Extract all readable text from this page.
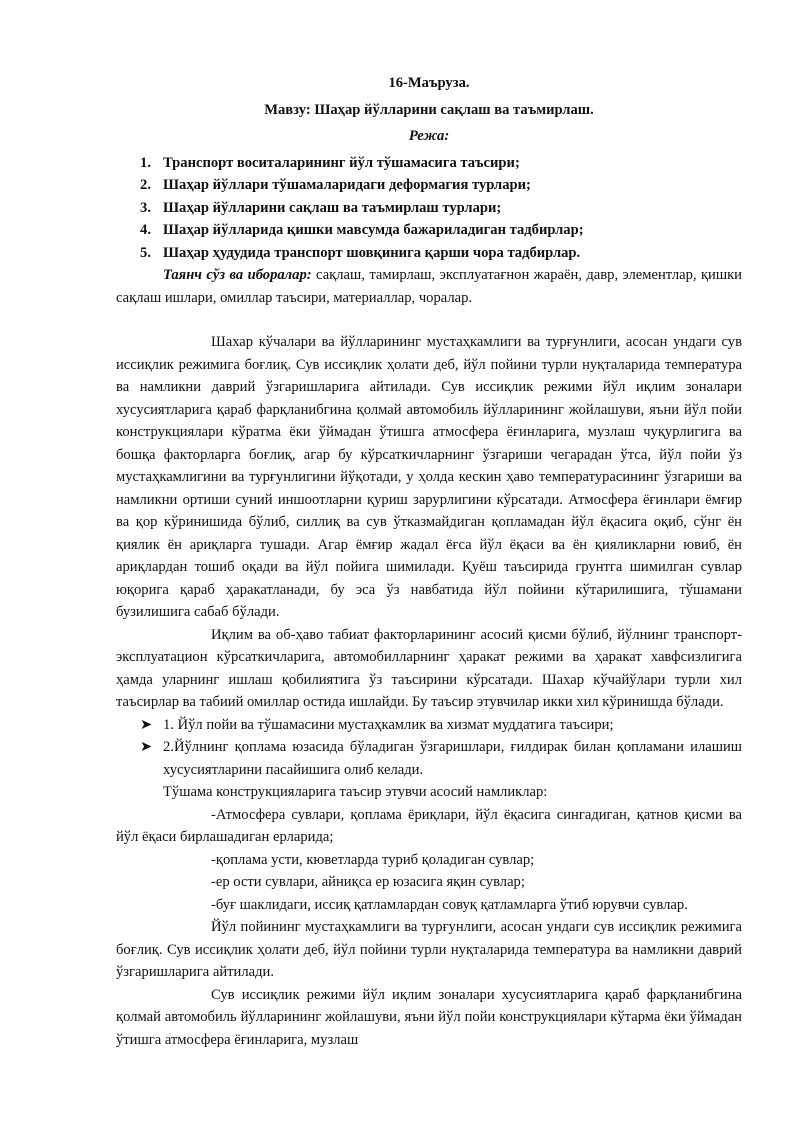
16-Маъруза.
Мавзу: Шаҳар йўлларини сақлаш ва таъмирлаш.
Режа:
1. Транспорт воситаларининг йўл тўшамасига таъсири;
2. Шаҳар йўллари тўшамаларидаги деформагия турлари;
3. Шаҳар йўлларини сақлаш ва таъмирлаш турлари;
4. Шаҳар йўлларида қишки мавсумда бажариладиган тадбирлар;
5. Шаҳар ҳудудида транспорт шовқинига қарши чора тадбирлар.

Таянч сўз ва иборалар: сақлаш, тамирлаш, эксплуатағнон жараён, давр, элементлар, қишки сақлаш ишлари, омиллар таъсири, материаллар, чоралар.

Шахар кўчалари ва йўлларининг мустаҳкамлиги ва турғунлиги, асосан ундаги сув иссиқлик режимига боғлиқ. Сув иссиқлик ҳолати деб, йўл пойини турли нуқталарида температура ва намликни даврий ўзгаришларига айтилади. Сув иссиқлик режими йўл иқлим зоналари хусусиятларига қараб фарқланибгина қолмай автомобиль йўлларининг жойлашуви, яъни йўл пойи конструкциялари кўратма ёки ўймадан ўтишга атмосфера ёғинларига, музлаш чуқурлигига ва бошқа факторларга боғлиқ, агар бу кўрсаткичларнинг ўзгариши чегарадан ўтса, йўл пойи ўз мустаҳкамлигини ва турғунлигини йўқотади, у ҳолда кескин ҳаво температурасининг ўзгариши ва намликни ортиши суний иншоотларни қуриш зарурлигини кўрсатади. Атмосфера ёғинлари ёмғир ва қор кўринишида бўлиб, силлиқ ва сув ўтказмайдиган қопламадан йўл ёқасига оқиб, сўнг ён қиялик ён ариқларга тушади. Агар ёмғир жадал ёғса йўл ёқаси ва ён қияликларни ювиб, ён ариқлардан тошиб оқади ва йўл пойига шимилади. Қуёш таъсирида грунтга шимилган сувлар юқорига қараб ҳаракатланади, бу эса ўз навбатида йўл пойини кўтарилишига, тўшамани бузилишига сабаб бўлади.

Иқлим ва об-ҳаво табиат факторларининг асосий қисми бўлиб, йўлнинг транспорт-эксплуатацион кўрсаткичларига, автомобилларнинг ҳаракат режими ва ҳаракат хавфсизлигига ҳамда уларнинг ишлаш қобилиятига ўз таъсирини кўрсатади. Шахар кўчайўлари турли хил таъсирлар ва табиий омиллар остида ишлайди. Бу таъсир этувчилар икки хил кўринишда бўлади.

➤ 1. Йўл пойи ва тўшамасини мустаҳкамлик ва хизмат муддатига таъсири;
➤ 2.Йўлнинг қоплама юзасида бўладиган ўзгаришлари, ғилдирак билан қопламани илашиш хусусиятларини пасайишига олиб келади.

Тўшама конструкцияларига таъсир этувчи асосий намликлар:

-Атмосфера сувлари, қоплама ёриқлари, йўл ёқасига сингадиган, қатнов қисми ва йўл ёқаси бирлашадиган ерларида;

-қоплама усти, кюветларда туриб қоладиган сувлар;

-ер ости сувлари, айниқса ер юзасига яқин сувлар;

-буғ шаклидаги, иссиқ қатламлардан совуқ қатламларга ўтиб юрувчи сувлар.

Йўл пойининг мустаҳкамлиги ва турғунлиги, асосан ундаги сув иссиқлик режимига боғлиқ. Сув иссиқлик ҳолати деб, йўл пойини турли нуқталарида температура ва намликни даврий ўзгаришларига айтилади.

Сув иссиқлик режими йўл иқлим зоналари хусусиятларига қараб фарқланибгина қолмай автомобиль йўлларининг жойлашуви, яъни йўл пойи конструкциялари кўтарма ёки ўймадан ўтишга атмосфера ёғинларига, музлаш
